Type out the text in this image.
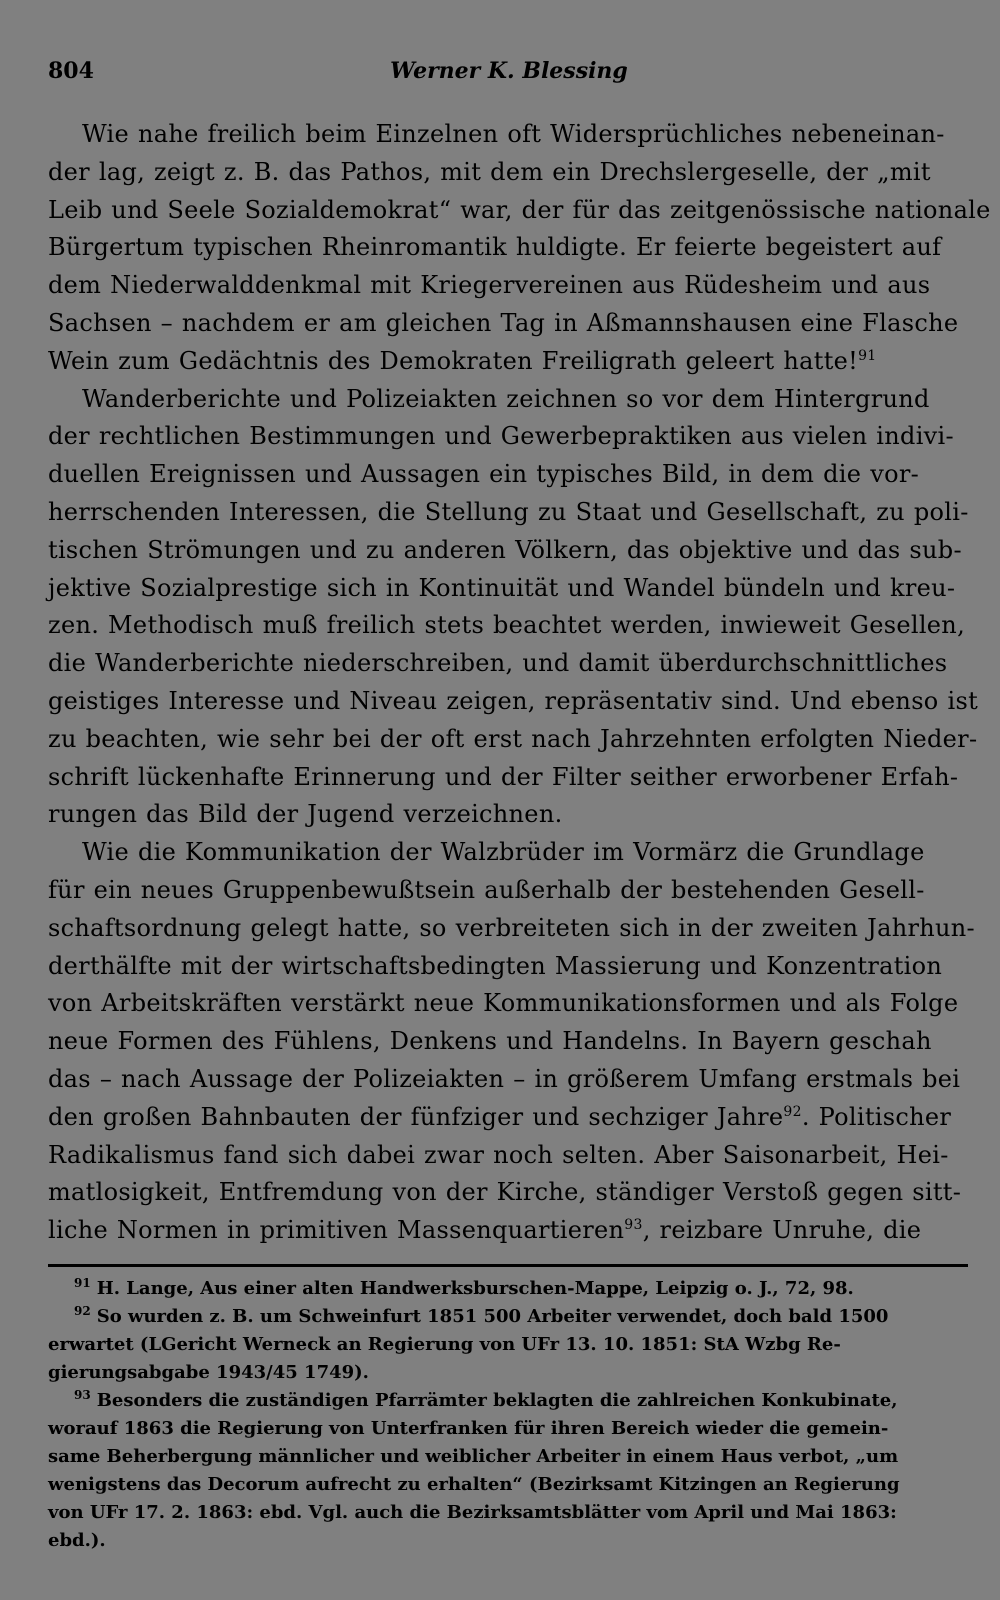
804	Werner K. Blessing
Wie nahe freilich beim Einzelnen oft Widersprüchliches nebeneinan-
der lag, zeigt z. B. das Pathos, mit dem ein Drechslergeselle, der „mit
Leib und Seele Sozialdemokrat“ war, der für das zeitgenössische nationale
Bürgertum typischen Rheinromantik huldigte. Er feierte begeistert auf
dem Niederwalddenkmal mit Kriegervereinen aus Rüdesheim und aus
Sachsen – nachdem er am gleichen Tag in Aßmannshausen eine Flasche
Wein zum Gedächtnis des Demokraten Freiligrath geleert hatte!$^{91}$
Wanderberichte und Polizeiakten zeichnen so vor dem Hintergrund
der rechtlichen Bestimmungen und Gewerbepraktiken aus vielen indivi-
duellen Ereignissen und Aussagen ein typisches Bild, in dem die vor-
herrschenden Interessen, die Stellung zu Staat und Gesellschaft, zu poli-
tischen Strömungen und zu anderen Völkern, das objektive und das sub-
jektive Sozialprestige sich in Kontinuität und Wandel bündeln und kreu-
zen. Methodisch muß freilich stets beachtet werden, inwieweit Gesellen,
die Wanderberichte niederschreiben, und damit überdurchschnittliches
geistiges Interesse und Niveau zeigen, repräsentativ sind. Und ebenso ist
zu beachten, wie sehr bei der oft erst nach Jahrzehnten erfolgten Nieder-
schrift lückenhafte Erinnerung und der Filter seither erworbener Erfah-
rungen das Bild der Jugend verzeichnen.
Wie die Kommunikation der Walzbrüder im Vormärz die Grundlage
für ein neues Gruppenbewußtsein außerhalb der bestehenden Gesell-
schaftsordnung gelegt hatte, so verbreiteten sich in der zweiten Jahrhun-
derthälfte mit der wirtschaftsbedingten Massierung und Konzentration
von Arbeitskräften verstärkt neue Kommunikationsformen und als Folge
neue Formen des Fühlens, Denkens und Handelns. In Bayern geschah
das – nach Aussage der Polizeiakten – in größerem Umfang erstmals bei
den großen Bahnbauten der fünfziger und sechziger Jahre$^{92}$. Politischer
Radikalismus fand sich dabei zwar noch selten. Aber Saisonarbeit, Hei-
matlosigkeit, Entfremdung von der Kirche, ständiger Verstoß gegen sitt-
liche Normen in primitiven Massenquartieren$^{93}$, reizbare Unruhe, die
$^{91}$ H. Lange, Aus einer alten Handwerksburschen-Mappe, Leipzig o. J., 72, 98.
$^{92}$ So wurden z. B. um Schweinfurt 1851 500 Arbeiter verwendet, doch bald 1500
erwartet (LGericht Werneck an Regierung von UFr 13. 10. 1851: StA Wzbg Re-
gierungsabgabe 1943/45 1749).
$^{93}$ Besonders die zuständigen Pfarrämter beklagten die zahlreichen Konkubinate,
worauf 1863 die Regierung von Unterfranken für ihren Bereich wieder die gemein-
same Beherbergung männlicher und weiblicher Arbeiter in einem Haus verbot, „um
wenigstens das Decorum aufrecht zu erhalten“ (Bezirksamt Kitzingen an Regierung
von UFr 17. 2. 1863: ebd. Vgl. auch die Bezirksamtsblätter vom April und Mai 1863:
ebd.).
